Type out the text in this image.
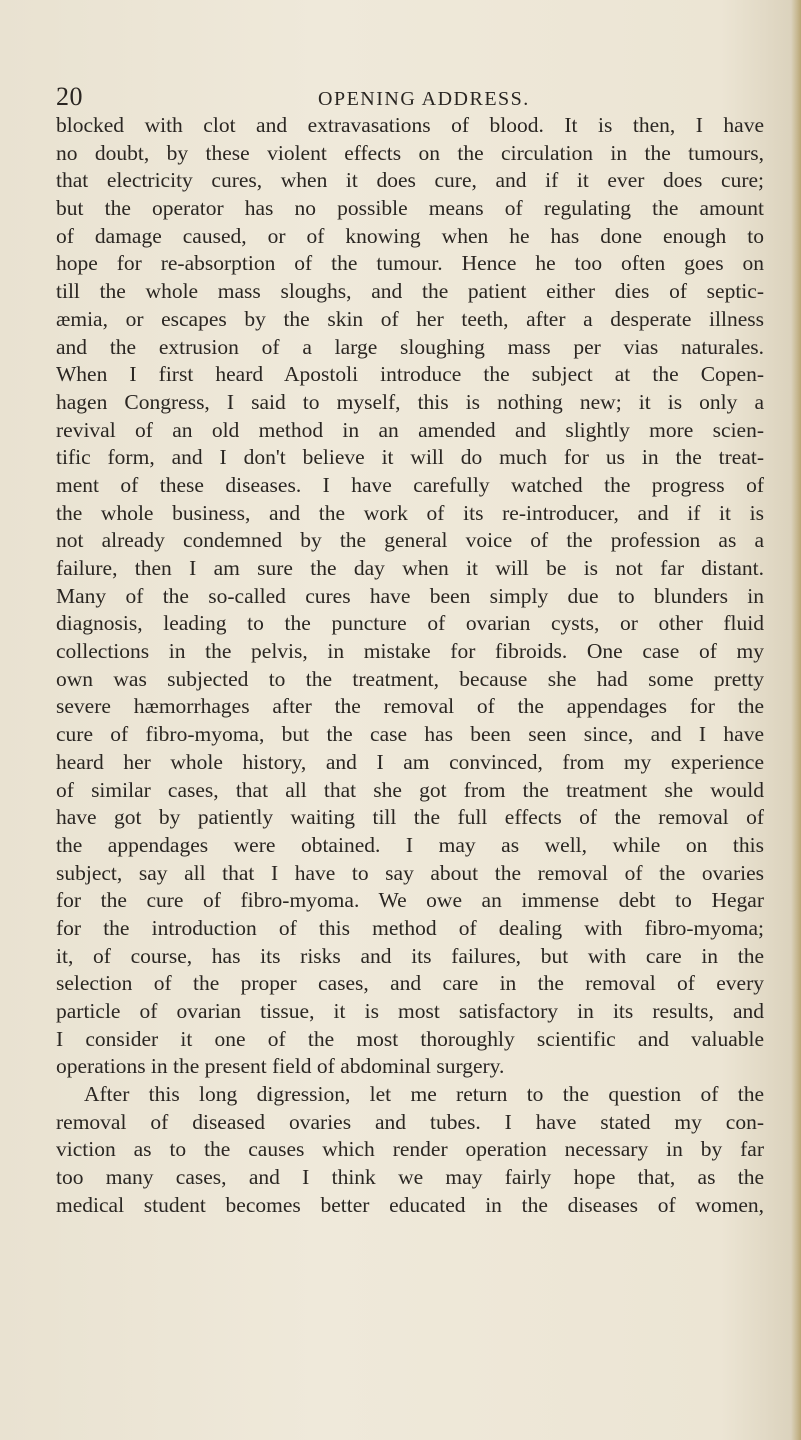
20	OPENING ADDRESS.
blocked with clot and extravasations of blood. It is then, I have
no doubt, by these violent effects on the circulation in the tumours,
that electricity cures, when it does cure, and if it ever does cure;
but the operator has no possible means of regulating the amount
of damage caused, or of knowing when he has done enough to
hope for re-absorption of the tumour. Hence he too often goes on
till the whole mass sloughs, and the patient either dies of septic-
æmia, or escapes by the skin of her teeth, after a desperate illness
and the extrusion of a large sloughing mass per vias naturales.
When I first heard Apostoli introduce the subject at the Copen-
hagen Congress, I said to myself, this is nothing new; it is only a
revival of an old method in an amended and slightly more scien-
tific form, and I don't believe it will do much for us in the treat-
ment of these diseases. I have carefully watched the progress of
the whole business, and the work of its re-introducer, and if it is
not already condemned by the general voice of the profession as a
failure, then I am sure the day when it will be is not far distant.
Many of the so-called cures have been simply due to blunders in
diagnosis, leading to the puncture of ovarian cysts, or other fluid
collections in the pelvis, in mistake for fibroids. One case of my
own was subjected to the treatment, because she had some pretty
severe hæmorrhages after the removal of the appendages for the
cure of fibro-myoma, but the case has been seen since, and I have
heard her whole history, and I am convinced, from my experience
of similar cases, that all that she got from the treatment she would
have got by patiently waiting till the full effects of the removal of
the appendages were obtained. I may as well, while on this
subject, say all that I have to say about the removal of the ovaries
for the cure of fibro-myoma. We owe an immense debt to Hegar
for the introduction of this method of dealing with fibro-myoma;
it, of course, has its risks and its failures, but with care in the
selection of the proper cases, and care in the removal of every
particle of ovarian tissue, it is most satisfactory in its results, and
I consider it one of the most thoroughly scientific and valuable
operations in the present field of abdominal surgery.
After this long digression, let me return to the question of the
removal of diseased ovaries and tubes. I have stated my con-
viction as to the causes which render operation necessary in by far
too many cases, and I think we may fairly hope that, as the
medical student becomes better educated in the diseases of women,
